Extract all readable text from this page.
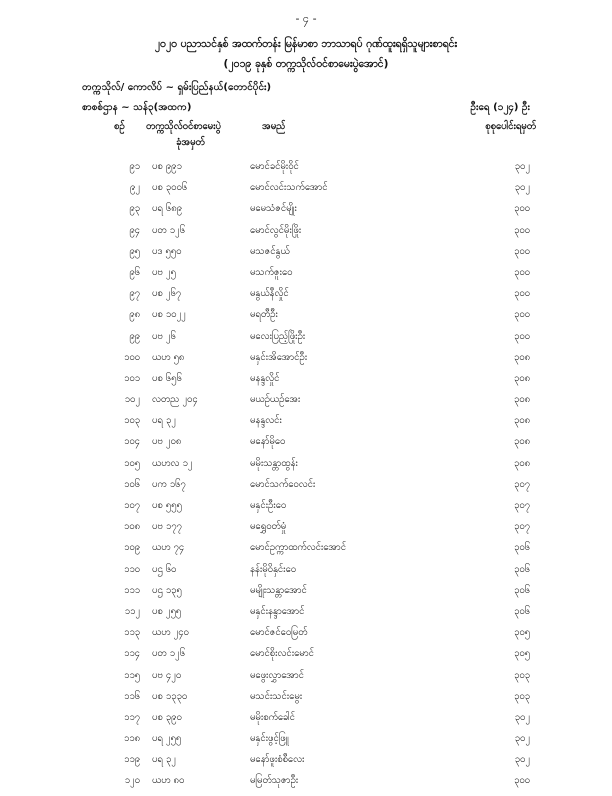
- ၄ -
၂၀၂၀ ပညာသင်နှစ် အထက်တန်း မြန်မာစာ ဘာသာရပ် ဂုဏ်ထူးရရှိသူများစာရင်း
(၂၀၁၉ ခုနှစ် တက္ကသိုလ်ဝင်စာမေးပွဲအောင်)
တက္ကသိုလ်/ ကောလိပ် ~ ရှမ်းပြည်နယ်(တောင်ပိုင်း)
စာစစ်ဌာန ~ သန်၃(အထက)	ဦးရေ (၁၂၄) ဦး
စဉ် တက္ကသိုလ်ဝင်စာမေးပွဲ
ခုံအမှတ်
အမည်	စုစုပေါင်းရမှတ်
၉၁ ပစ ၉၉၁	မောင်ခင်မိုးဝိုင်	၃၀၂
၉၂ ပစ ၃၀၀၆	မောင်လင်းသက်အောင်	၃၀၂
၉၃ ပရ ၆၈၉	မမေသံဇင်မျိုး	၃၀၀
၉၄ ပတ ၁၂၆	မောင်လွင်မိုးဖြိုး	၃၀၀
၉၅ ပဒ ၅၅၀	မသဇင်နွယ်	၃၀၀
၉၆ ပဗ ၂၅	မသက်ဇူးဝေ	၃၀၀
၉၇ ပစ ၂၆၇	မနွယ်နီလှိုင်	၃၀၀
၉၈ ပစ ၁၀၂၂	မရတီဦး	၃၀၀
၉၉ ပဗ ၂၆	မလေးပြည့်ဖြိုးဦး	၃၀၀
၁၀၀ ယဟ ၅၈	မနှင်းအိအောင်ဦး	၃၀၈
၁၀၁ ပစ ၆၅၆	မနန္ဒလှိုင်	၃၀၈
၁၀၂ လတည ၂၀၄	မယဉ်ယဉ်အေး	၃၀၈
၁၀၃ ပရ ၃၂	မနန္ဒလင်း	၃၀၈
၁၀၄ ပဗ ၂၀၈	မနော်မိုဝေ	၃၀၈
၁၀၅ ယဟလ ၁၂	မမိုးသန္တာထွန်း	၃၀၈
၁၀၆ ပက ၁၆၇	မောင်သက်ဝေလင်း	၃၀၇
၁၀၇ ပစ ၅၅၅	မနှင်းဦးဝေ	၃၀၇
၁၀၈ ပဗ ၁၇၇	မရွှေဝတ်မှုံ	၃၀၇
၁၀၉ ယဟ ၇၄	မောင်ဥက္ကာထက်လင်းအောင်	၃၀၆
၁၁၀ ပဌ ၆၀	နန်းမိုဝိနှင်းဝေ	၃၀၆
၁၁၁ ပဌ ၁၃၅	မမျိုးသန္တာအောင်	၃၀၆
၁၁၂ ပစ ၂၅၅	မနှင်းနန္ဒာအောင်	၃၀၆
၁၁၃ ယဟ ၂၄၀	မောင်ဇင်ဝေမြတ်	၃၀၅
၁၁၄ ပတ ၁၂၆	မောင်စိုးလင်းမောင်	၃၀၅
၁၁၅ ပဗ ၄၂၀	မဖွေးလွှာအောင်	၃၀၃
၁၁၆ ပစ ၁၃၃၀	မသင်းသင်းမွေး	၃၀၃
၁၁၇ ပစ ၃၉၀	မမိုးစက်ခေါင်	၃၀၂
၁၁၈ ပရ ၂၅၅	မနှင်းဖွင့်ဖြူ	၃၀၂
၁၁၉ ပရ ၃၂	မနော်ဖူးစံစီလေး	၃၀၂
၁၂၀ ယဟ ၈၀	မမြတ်သုဇာဦး	၃၀၀
